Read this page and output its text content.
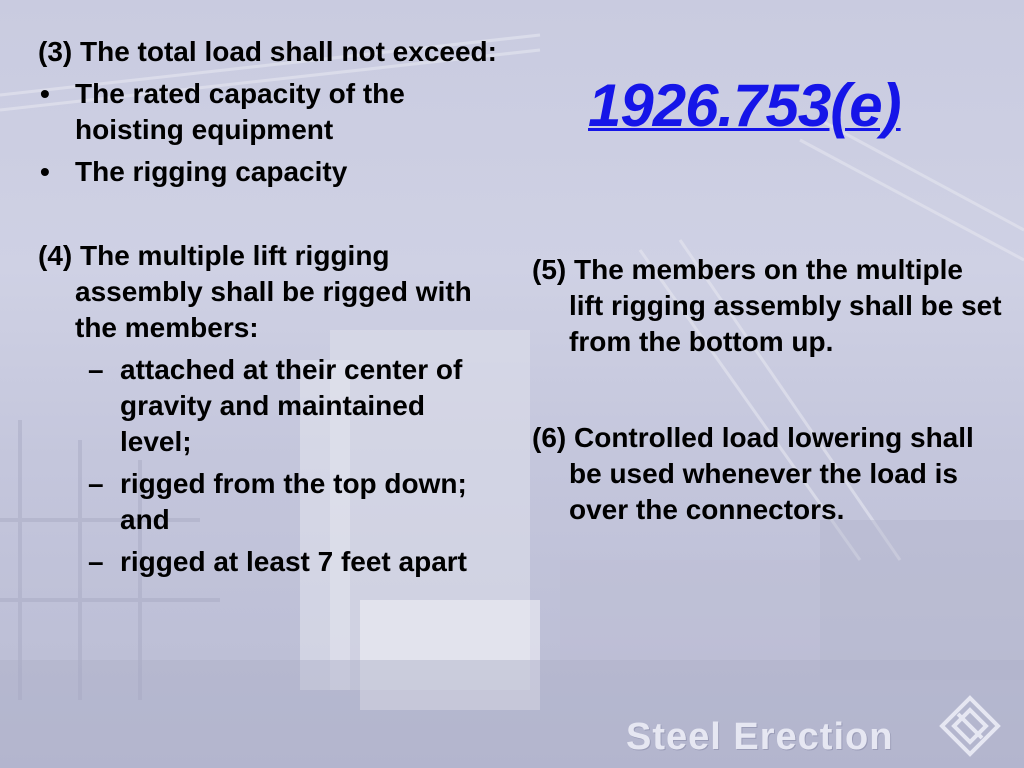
1926.753(e)

(3) The total load shall not exceed:

• The rated capacity of the hoisting equipment

• The rigging capacity

(4) The multiple lift rigging assembly shall be rigged with the members:

– attached at their center of gravity and maintained level;

– rigged from the top down; and

– rigged at least 7 feet apart

(5) The members on the multiple lift rigging assembly shall be set from the bottom up.

(6) Controlled load lowering shall be used whenever the load is over the connectors.

Steel Erection
